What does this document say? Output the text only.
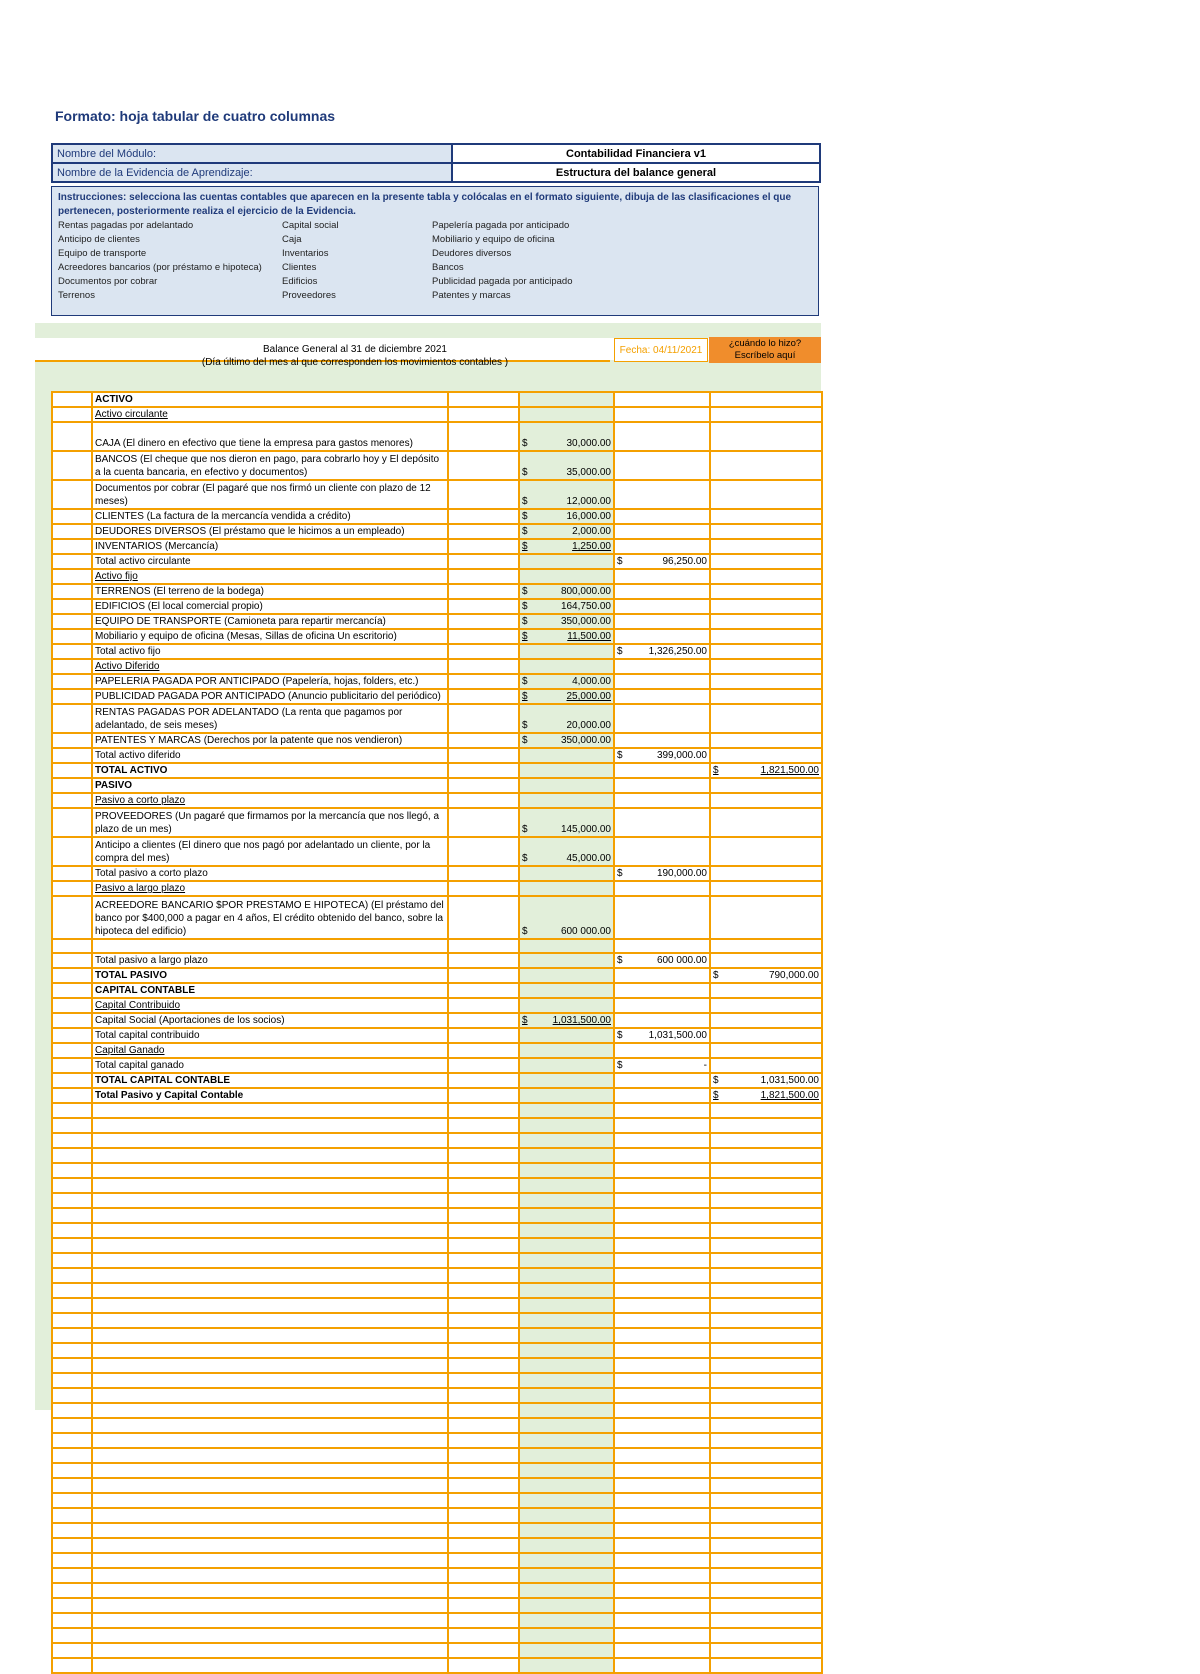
Formato: hoja tabular de cuatro columnas
Nombre del Módulo:	Contabilidad Financiera v1
Nombre de la Evidencia de Aprendizaje:	Estructura del balance general
Instrucciones: selecciona las cuentas contables que aparecen en la presente tabla y colócalas en el formato siguiente, dibuja de las clasificaciones el que pertenecen, posteriormente realiza el ejercicio de la Evidencia.
Rentas pagadas por adelantado
Anticipo de clientes
Equipo de transporte
Acreedores bancarios (por préstamo e hipoteca)
Documentos por cobrar
Terrenos
Capital social
Caja
Inventarios
Clientes
Edificios
Proveedores
Papelería pagada por anticipado
Mobiliario y equipo de oficina
Deudores diversos
Bancos
Publicidad pagada por anticipado
Patentes y marcas
Balance General al 31 de diciembre 2021
(Día último del mes al que corresponden los movimientos contables )
Fecha: 04/11/2021
¿cuándo lo hizo?
Escríbelo aquí
	ACTIVO				
	Activo circulante				
	CAJA (El dinero en efectivo que tiene la empresa para gastos menores)		$ 30,000.00		

	BANCOS (El cheque que nos dieron en pago, para cobrarlo hoy y El depósito a la cuenta bancaria, en efectivo y documentos)		$ 35,000.00		

	Documentos por cobrar (El pagaré que nos firmó un cliente con plazo de 12 meses)		$ 12,000.00		

	CLIENTES (La factura de la mercancía vendida a crédito)		$ 16,000.00		

	DEUDORES DIVERSOS (El préstamo que le hicimos a un empleado)		$ 2,000.00		

	INVENTARIOS (Mercancía)		$ 1,250.00		

	Total activo circulante			$ 96,250.00	

	Activo fijo				
	TERRENOS (El terreno de la bodega)		$ 800,000.00		

	EDIFICIOS (El local comercial propio)		$ 164,750.00		

	EQUIPO DE TRANSPORTE (Camioneta para repartir mercancía)		$ 350,000.00		

	Mobiliario y equipo de oficina (Mesas, Sillas de oficina Un escritorio)		$ 11,500.00		

	Total activo fijo			$ 1,326,250.00	

	Activo Diferido				
	PAPELERIA PAGADA POR ANTICIPADO (Papelería, hojas, folders, etc.)		$ 4,000.00		

	PUBLICIDAD PAGADA POR ANTICIPADO (Anuncio publicitario del periódico)		$ 25,000.00		

	RENTAS PAGADAS POR ADELANTADO (La renta que pagamos por adelantado, de seis meses)		$ 20,000.00		

	PATENTES Y MARCAS (Derechos por la patente que nos vendieron)		$ 350,000.00		

	Total activo diferido			$ 399,000.00	

	TOTAL ACTIVO				$ 1,821,500.00

	PASIVO				
	Pasivo a corto plazo				
	PROVEEDORES (Un pagaré que firmamos por la mercancía que nos llegó, a plazo de un mes)		$ 145,000.00		

	Anticipo a clientes (El dinero que nos pagó por adelantado un cliente, por la compra del mes)		$ 45,000.00		

	Total pasivo a corto plazo			$ 190,000.00	

	Pasivo a largo plazo				
	ACREEDORE BANCARIO $POR PRESTAMO E HIPOTECA) (El préstamo del banco por $400,000 a pagar en 4 años, El crédito obtenido del banco, sobre la hipoteca del edificio)		$ 600 000.00		

	Total pasivo a largo plazo			$ 600 000.00	

	TOTAL PASIVO				$ 790,000.00

	CAPITAL CONTABLE				
	Capital Contribuido				
	Capital Social (Aportaciones de los socios)		$ 1,031,500.00		

	Total capital contribuido			$ 1,031,500.00	

	Capital Ganado				
	Total capital ganado			$ -	

	TOTAL CAPITAL CONTABLE				$ 1,031,500.00

	Total Pasivo y Capital Contable				$ 1,821,500.00
